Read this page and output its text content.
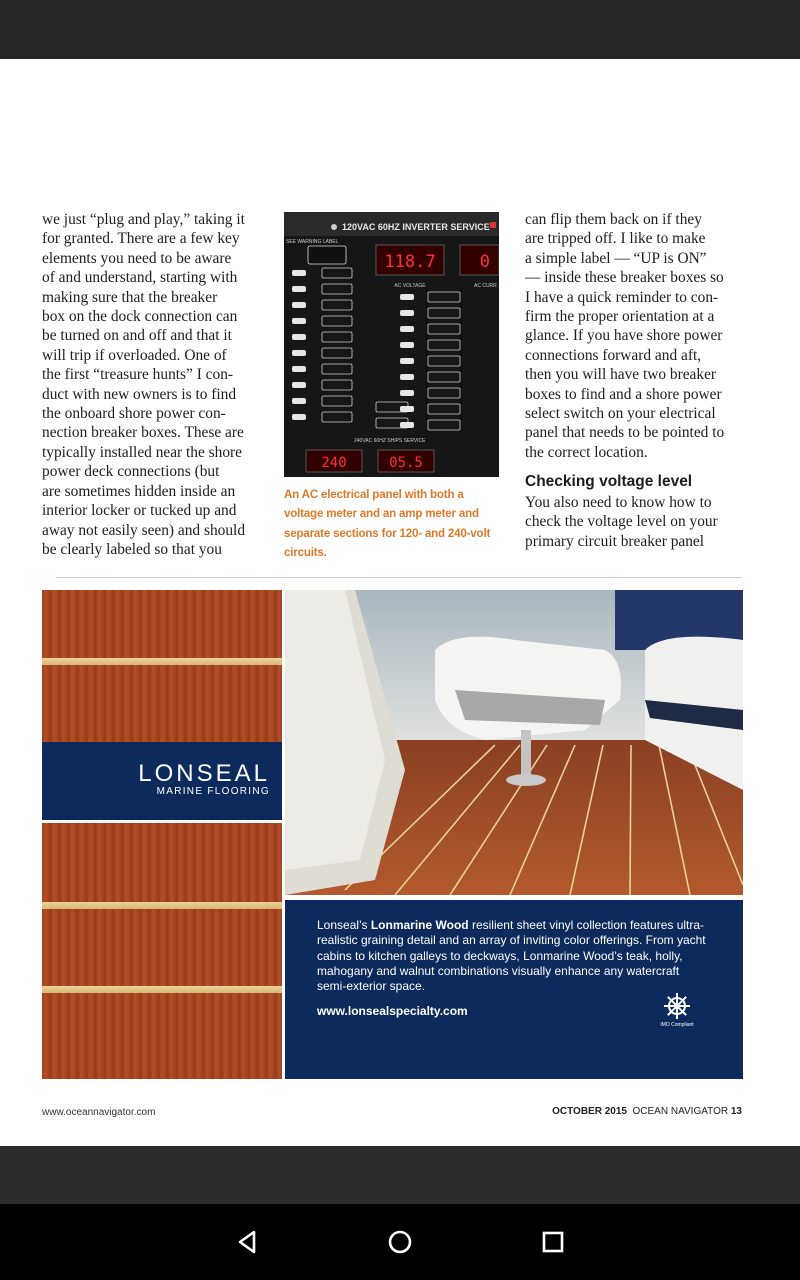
we just “plug and play,” taking it
for granted. There are a few key
elements you need to be aware
of and understand, starting with
making sure that the breaker
box on the dock connection can
be turned on and off and that it
will trip if overloaded. One of
the first “treasure hunts” I con-
duct with new owners is to find
the onboard shore power con-
nection breaker boxes. These are
typically installed near the shore
power deck connections (but
are sometimes hidden inside an
interior locker or tucked up and
away not easily seen) and should
be clearly labeled so that you

120VAC 60HZ INVERTER SERVICE
SEE WARNING LABEL
118.7	0
AC VOLTAGE	AC CURR
240VAC 60HZ SHIPS SERVICE
240	05.5
An AC electrical panel with both a
voltage meter and an amp meter and
separate sections for 120- and 240-volt
circuits.

can flip them back on if they
are tripped off. I like to make
a simple label — “UP is ON”
— inside these breaker boxes so
I have a quick reminder to con-
firm the proper orientation at a
glance. If you have shore power
connections forward and aft,
then you will have two breaker
boxes to find and a shore power
select switch on your electrical
panel that needs to be pointed to
the correct location.

Checking voltage level

You also need to know how to
check the voltage level on your
primary circuit breaker panel

LONSEAL
MARINE FLOORING
Lonseal’s Lonmarine Wood resilient sheet vinyl collection features ultra-realistic graining detail and an array of inviting color offerings. From yacht cabins to kitchen galleys to deckways, Lonmarine Wood’s teak, holly, mahogany and walnut combinations visually enhance any watercraft semi-exterior space.
www.lonsealspecialty.com
IMO Compliant
www.oceannavigator.com	OCTOBER 2015 OCEAN NAVIGATOR 13
